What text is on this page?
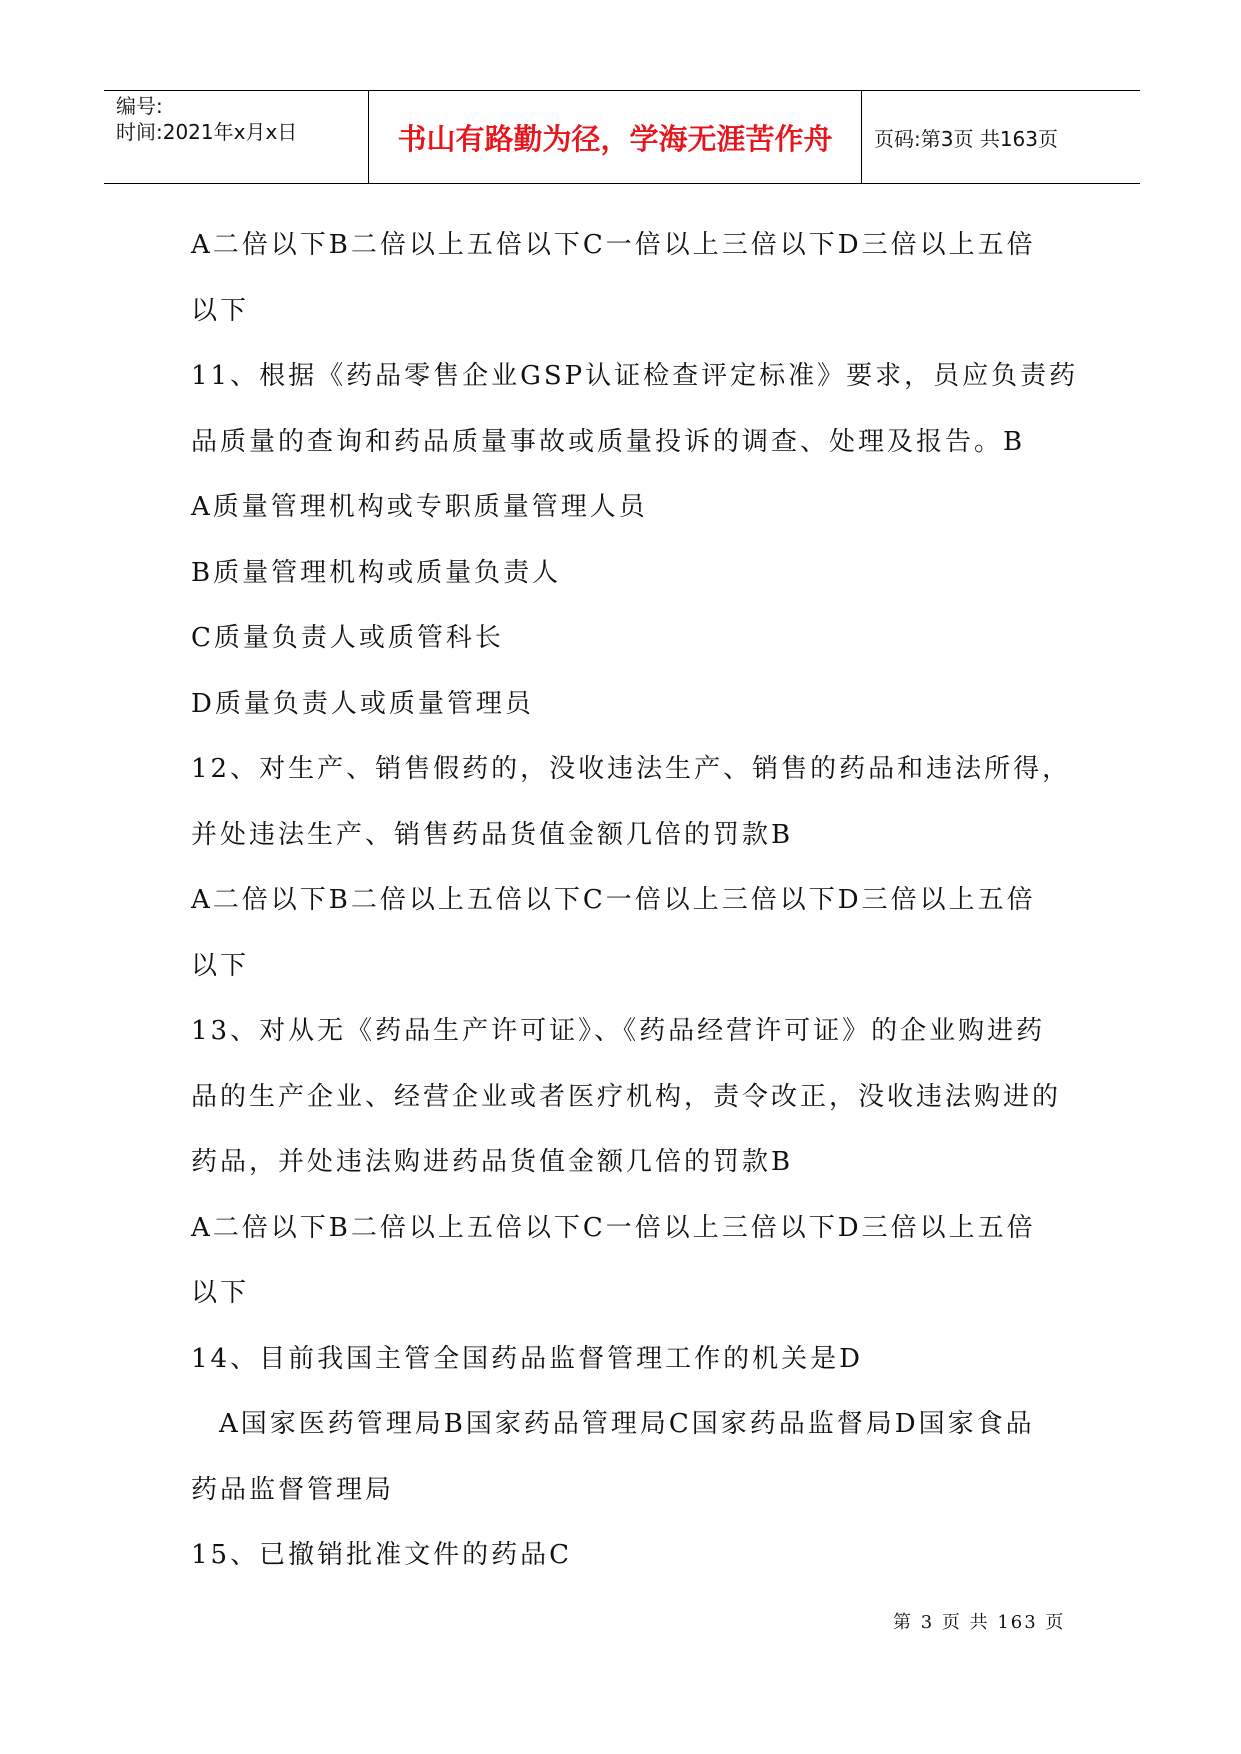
编号:
时间:2021年x月x日	书山有路勤为径，学海无涯苦作舟	页码:第3页 共163页
A二倍以下B二倍以上五倍以下C一倍以上三倍以下D三倍以上五倍
以下
11、根据《药品零售企业GSP认证检查评定标准》要求，员应负责药
品质量的查询和药品质量事故或质量投诉的调查、处理及报告。B
A质量管理机构或专职质量管理人员
B质量管理机构或质量负责人
C质量负责人或质管科长
D质量负责人或质量管理员
12、对生产、销售假药的，没收违法生产、销售的药品和违法所得，
并处违法生产、销售药品货值金额几倍的罚款B
A二倍以下B二倍以上五倍以下C一倍以上三倍以下D三倍以上五倍
以下
13、对从无《药品生产许可证》、《药品经营许可证》的企业购进药
品的生产企业、经营企业或者医疗机构，责令改正，没收违法购进的
药品，并处违法购进药品货值金额几倍的罚款B
A二倍以下B二倍以上五倍以下C一倍以上三倍以下D三倍以上五倍
以下
14、目前我国主管全国药品监督管理工作的机关是D
A国家医药管理局B国家药品管理局C国家药品监督局D国家食品
药品监督管理局
15、已撤销批准文件的药品C
第 3 页 共 163 页
